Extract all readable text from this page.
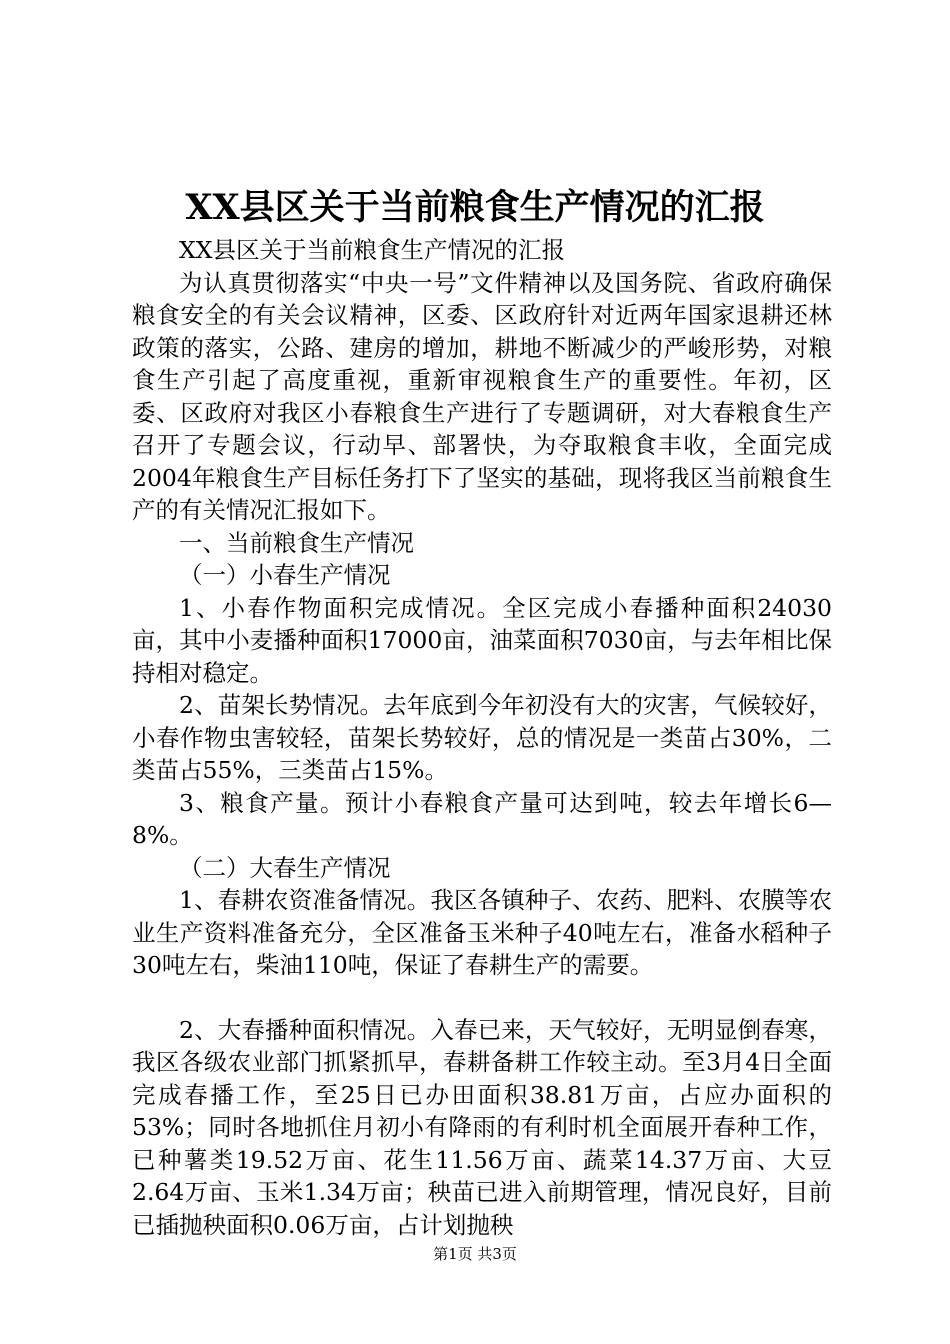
XX县区关于当前粮食生产情况的汇报

XX县区关于当前粮食生产情况的汇报

为认真贯彻落实“中央一号”文件精神以及国务院、省政府确保粮食安全的有关会议精神，区委、区政府针对近两年国家退耕还林政策的落实，公路、建房的增加，耕地不断减少的严峻形势，对粮食生产引起了高度重视，重新审视粮食生产的重要性。年初，区委、区政府对我区小春粮食生产进行了专题调研，对大春粮食生产召开了专题会议，行动早、部署快，为夺取粮食丰收，全面完成2004年粮食生产目标任务打下了坚实的基础，现将我区当前粮食生产的有关情况汇报如下。

一、当前粮食生产情况

（一）小春生产情况

1、小春作物面积完成情况。全区完成小春播种面积24030亩，其中小麦播种面积17000亩，油菜面积7030亩，与去年相比保持相对稳定。

2、苗架长势情况。去年底到今年初没有大的灾害，气候较好，小春作物虫害较轻，苗架长势较好，总的情况是一类苗占30%，二类苗占55%，三类苗占15%。

3、粮食产量。预计小春粮食产量可达到吨，较去年增长6—8%。

（二）大春生产情况

1、春耕农资准备情况。我区各镇种子、农药、肥料、农膜等农业生产资料准备充分，全区准备玉米种子40吨左右，准备水稻种子30吨左右，柴油110吨，保证了春耕生产的需要。

2、大春播种面积情况。入春已来，天气较好，无明显倒春寒，我区各级农业部门抓紧抓早，春耕备耕工作较主动。至3月4日全面完成春播工作，至25日已办田面积38.81万亩，占应办面积的53%；同时各地抓住月初小有降雨的有利时机全面展开春种工作，已种薯类19.52万亩、花生11.56万亩、蔬菜14.37万亩、大豆2.64万亩、玉米1.34万亩；秧苗已进入前期管理，情况良好，目前已插抛秧面积0.06万亩，占计划抛秧

第1页 共3页
